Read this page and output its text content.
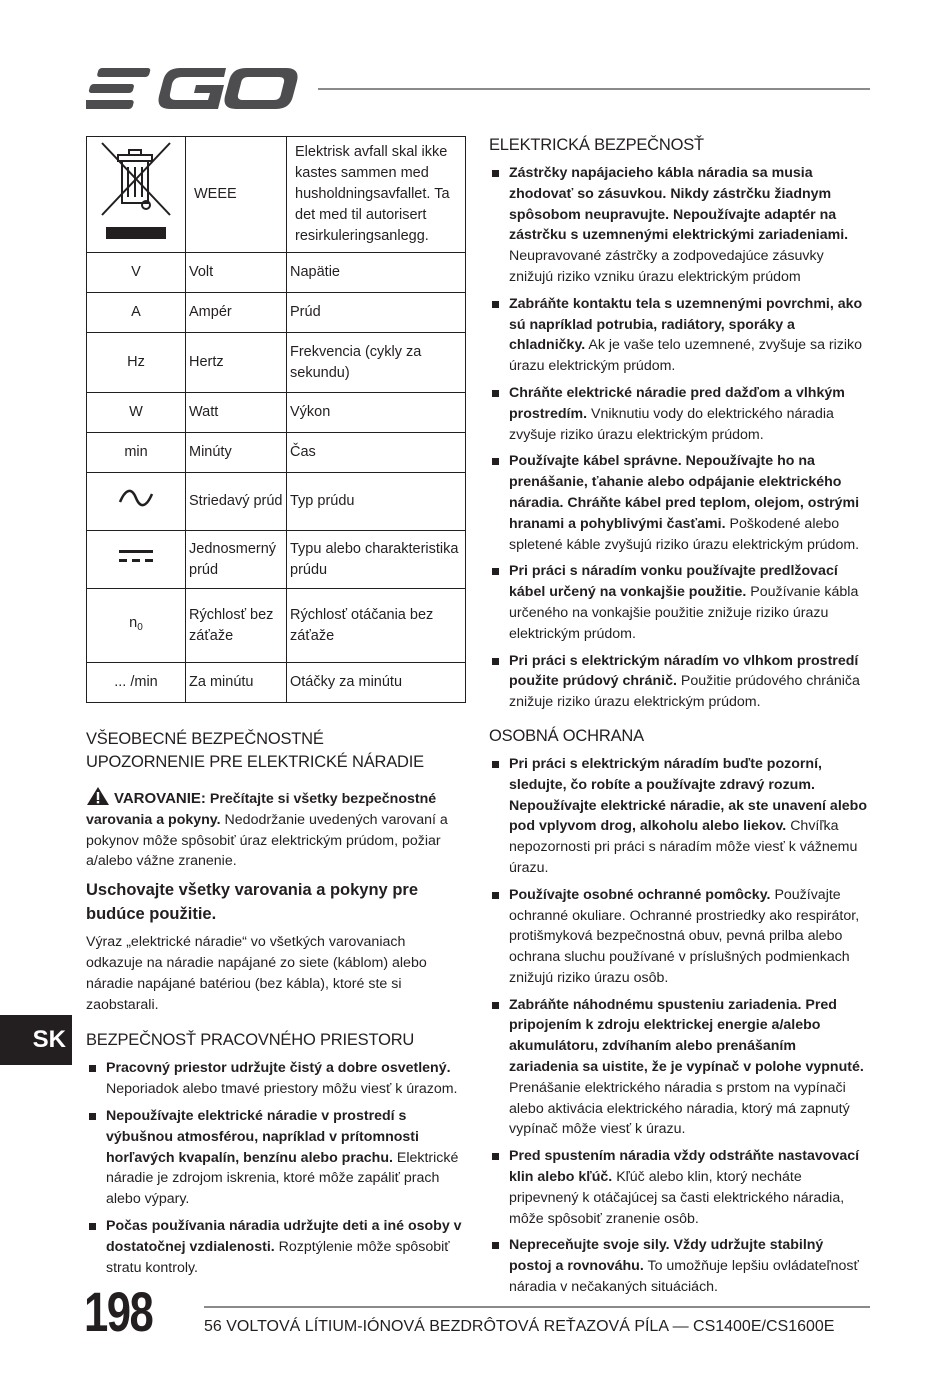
	WEEE	Elektrisk avfall skal ikke kastes sammen med husholdningsavfallet. Ta det med til autorisert resirkuleringsanlegg.
V	Volt	Napätie
A	Ampér	Prúd
Hz	Hertz	Frekvencia (cykly za sekundu)
W	Watt	Výkon
min	Minúty	Čas
	Striedavý prúd	Typ prúdu
	Jednosmerný prúd	Typu alebo charakteristika prúdu
$n_0$	Rýchlosť bez záťaže	Rýchlosť otáčania bez záťaže
... /min	Za minútu	Otáčky za minútu
VŠEOBECNÉ BEZPEČNOSTNÉ UPOZORNENIE PRE ELEKTRICKÉ NÁRADIE

VAROVANIE: Prečítajte si všetky bezpečnostné varovania a pokyny. Nedodržanie uvedených varovaní a pokynov môže spôsobiť úraz elektrickým prúdom, požiar a/alebo vážne zranenie.

Uschovajte všetky varovania a pokyny pre budúce použitie.

Výraz „elektrické náradie“ vo všetkých varovaniach odkazuje na náradie napájané zo siete (káblom) alebo náradie napájané batériou (bez kábla), ktoré ste si zaobstarali.

BEZPEČNOSŤ PRACOVNÉHO PRIESTORU
Pracovný priestor udržujte čistý a dobre osvetlený. Neporiadok alebo tmavé priestory môžu viesť k úrazom.
Nepoužívajte elektrické náradie v prostredí s výbušnou atmosférou, napríklad v prítomnosti horľavých kvapalín, benzínu alebo prachu. Elektrické náradie je zdrojom iskrenia, ktoré môže zapáliť prach alebo výpary.
Počas používania náradia udržujte deti a iné osoby v dostatočnej vzdialenosti. Rozptýlenie môže spôsobiť stratu kontroly.
ELEKTRICKÁ BEZPEČNOSŤ
Zástrčky napájacieho kábla náradia sa musia zhodovať so zásuvkou. Nikdy zástrčku žiadnym spôsobom neupravujte. Nepoužívajte adaptér na zástrčku s uzemnenými elektrickými zariadeniami. Neupravované zástrčky a zodpovedajúce zásuvky znižujú riziko vzniku úrazu elektrickým prúdom
Zabráňte kontaktu tela s uzemnenými povrchmi, ako sú napríklad potrubia, radiátory, sporáky a chladničky. Ak je vaše telo uzemnené, zvyšuje sa riziko úrazu elektrickým prúdom.
Chráňte elektrické náradie pred dažďom a vlhkým prostredím. Vniknutiu vody do elektrického náradia zvyšuje riziko úrazu elektrickým prúdom.
Používajte kábel správne. Nepoužívajte ho na prenášanie, ťahanie alebo odpájanie elektrického náradia. Chráňte kábel pred teplom, olejom, ostrými hranami a pohyblivými časťami. Poškodené alebo spletené káble zvyšujú riziko úrazu elektrickým prúdom.
Pri práci s náradím vonku používajte predlžovací kábel určený na vonkajšie použitie. Používanie kábla určeného na vonkajšie použitie znižuje riziko úrazu elektrickým prúdom.
Pri práci s elektrickým náradím vo vlhkom prostredí použite prúdový chránič. Použitie prúdového chrániča znižuje riziko úrazu elektrickým prúdom.
OSOBNÁ OCHRANA
Pri práci s elektrickým náradím buďte pozorní, sledujte, čo robíte a používajte zdravý rozum. Nepoužívajte elektrické náradie, ak ste unavení alebo pod vplyvom drog, alkoholu alebo liekov. Chvíľka nepozornosti pri práci s náradím môže viesť k vážnemu úrazu.
Používajte osobné ochranné pomôcky. Používajte ochranné okuliare. Ochranné prostriedky ako respirátor, protišmyková bezpečnostná obuv, pevná prilba alebo ochrana sluchu používané v príslušných podmienkach znižujú riziko úrazu osôb.
Zabráňte náhodnému spusteniu zariadenia. Pred pripojením k zdroju elektrickej energie a/alebo akumulátoru, zdvíhaním alebo prenášaním zariadenia sa uistite, že je vypínač v polohe vypnuté. Prenášanie elektrického náradia s prstom na vypínači alebo aktivácia elektrického náradia, ktorý má zapnutý vypínač môže viesť k úrazu.
Pred spustením náradia vždy odstráňte nastavovací klin alebo kľúč. Kľúč alebo klin, ktorý necháte pripevnený k otáčajúcej sa časti elektrického náradia, môže spôsobiť zranenie osôb.
Nepreceňujte svoje sily. Vždy udržujte stabilný postoj a rovnováhu. To umožňuje lepšiu ovládateľnosť náradia v nečakaných situáciách.
SK
198	56 VOLTOVÁ LÍTIUM-IÓNOVÁ BEZDRÔTOVÁ REŤAZOVÁ PÍLA — CS1400E/CS1600E
